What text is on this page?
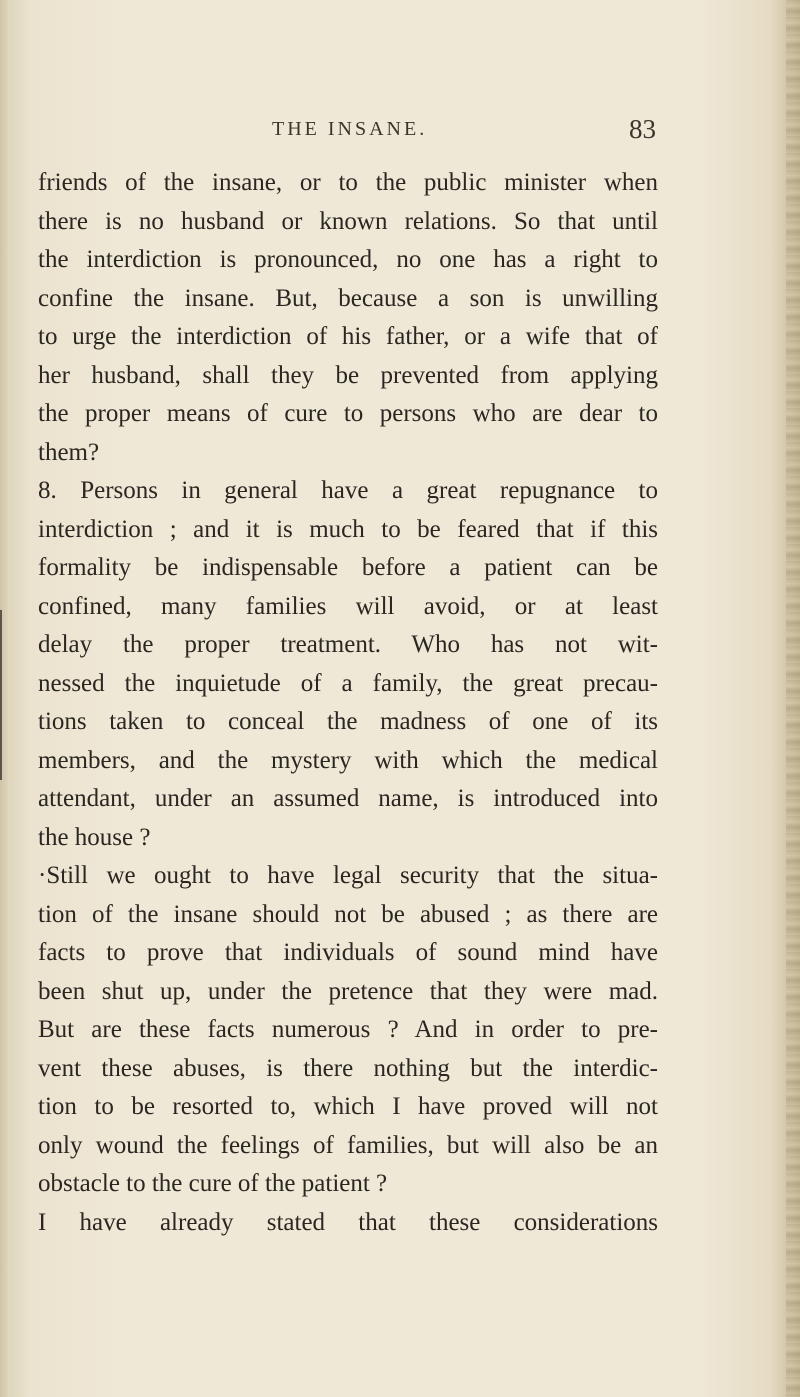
THE INSANE.	83
friends of the insane, or to the public minister when
there is no husband or known relations. So that until
the interdiction is pronounced, no one has a right to
confine the insane. But, because a son is unwilling
to urge the interdiction of his father, or a wife that of
her husband, shall they be prevented from applying
the proper means of cure to persons who are dear to
them?
8. Persons in general have a great repugnance to
interdiction ; and it is much to be feared that if this
formality be indispensable before a patient can be
confined, many families will avoid, or at least
delay the proper treatment. Who has not wit-
nessed the inquietude of a family, the great precau-
tions taken to conceal the madness of one of its
members, and the mystery with which the medical
attendant, under an assumed name, is introduced into
the house ?
·Still we ought to have legal security that the situa-
tion of the insane should not be abused ; as there are
facts to prove that individuals of sound mind have
been shut up, under the pretence that they were mad.
But are these facts numerous ? And in order to pre-
vent these abuses, is there nothing but the interdic-
tion to be resorted to, which I have proved will not
only wound the feelings of families, but will also be an
obstacle to the cure of the patient ?
I have already stated that these considerations
